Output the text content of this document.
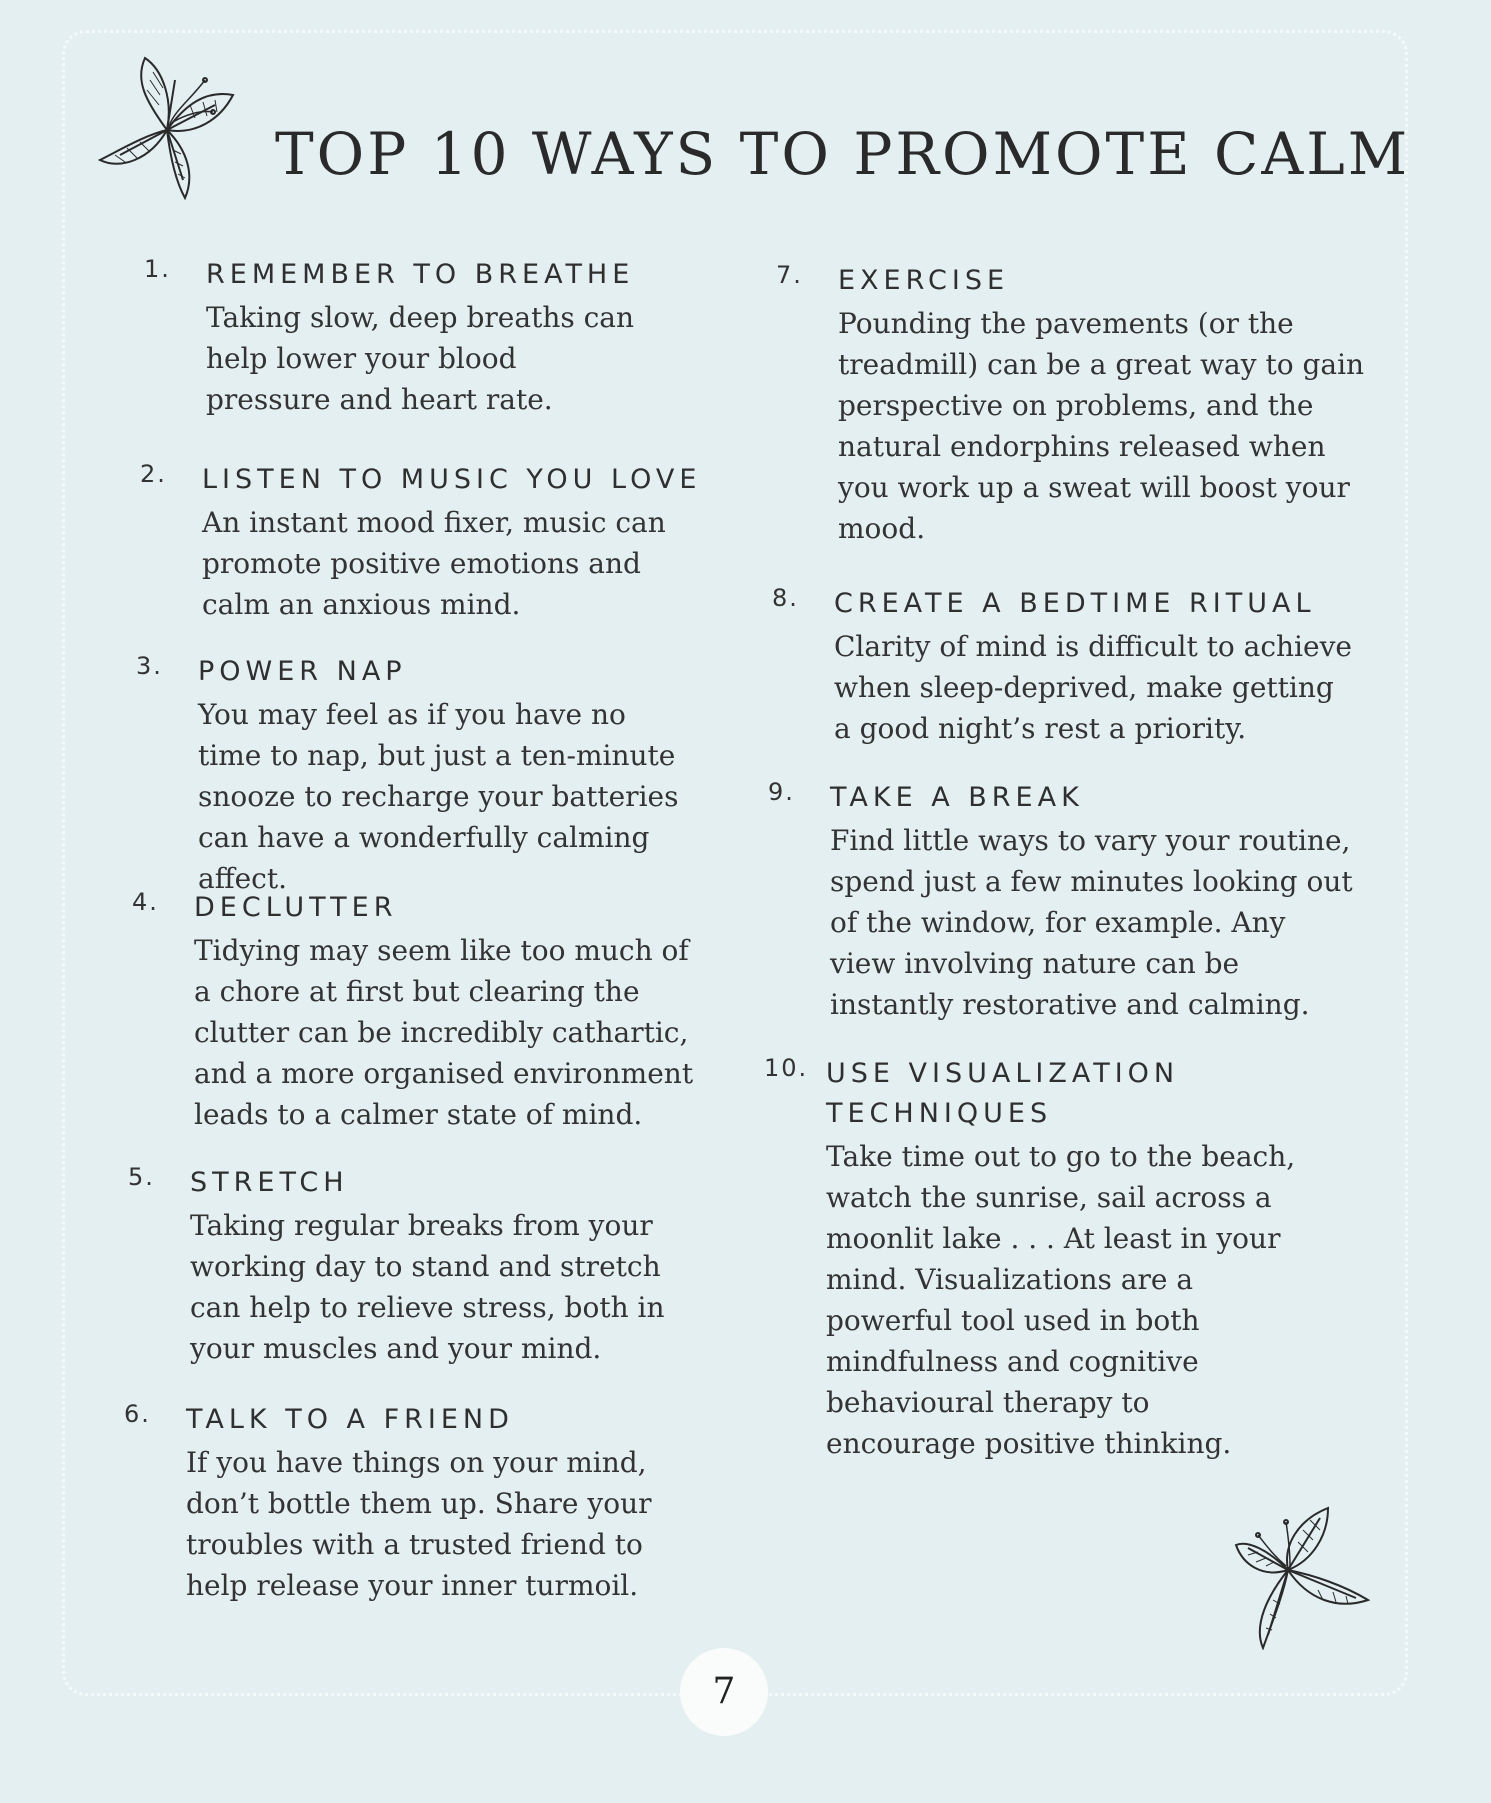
TOP 10 WAYS TO PROMOTE CALM
1. REMEMBER TO BREATHE
Taking slow, deep breaths can help lower your blood pressure and heart rate.
2. LISTEN TO MUSIC YOU LOVE
An instant mood fixer, music can promote positive emotions and calm an anxious mind.
3. POWER NAP
You may feel as if you have no time to nap, but just a ten-minute snooze to recharge your batteries can have a wonderfully calming affect.
4. DECLUTTER
Tidying may seem like too much of a chore at first but clearing the clutter can be incredibly cathartic, and a more organised environment leads to a calmer state of mind.
5. STRETCH
Taking regular breaks from your working day to stand and stretch can help to relieve stress, both in your muscles and your mind.
6. TALK TO A FRIEND
If you have things on your mind, don’t bottle them up. Share your troubles with a trusted friend to help release your inner turmoil.
7. EXERCISE
Pounding the pavements (or the treadmill) can be a great way to gain perspective on problems, and the natural endorphins released when you work up a sweat will boost your mood.
8. CREATE A BEDTIME RITUAL
Clarity of mind is difficult to achieve when sleep-deprived, make getting a good night’s rest a priority.
9. TAKE A BREAK
Find little ways to vary your routine, spend just a few minutes looking out of the window, for example. Any view involving nature can be instantly restorative and calming.
10. USE VISUALIZATION TECHNIQUES
Take time out to go to the beach, watch the sunrise, sail across a moonlit lake . . . At least in your mind. Visualizations are a powerful tool used in both mindfulness and cognitive behavioural therapy to encourage positive thinking.
7
